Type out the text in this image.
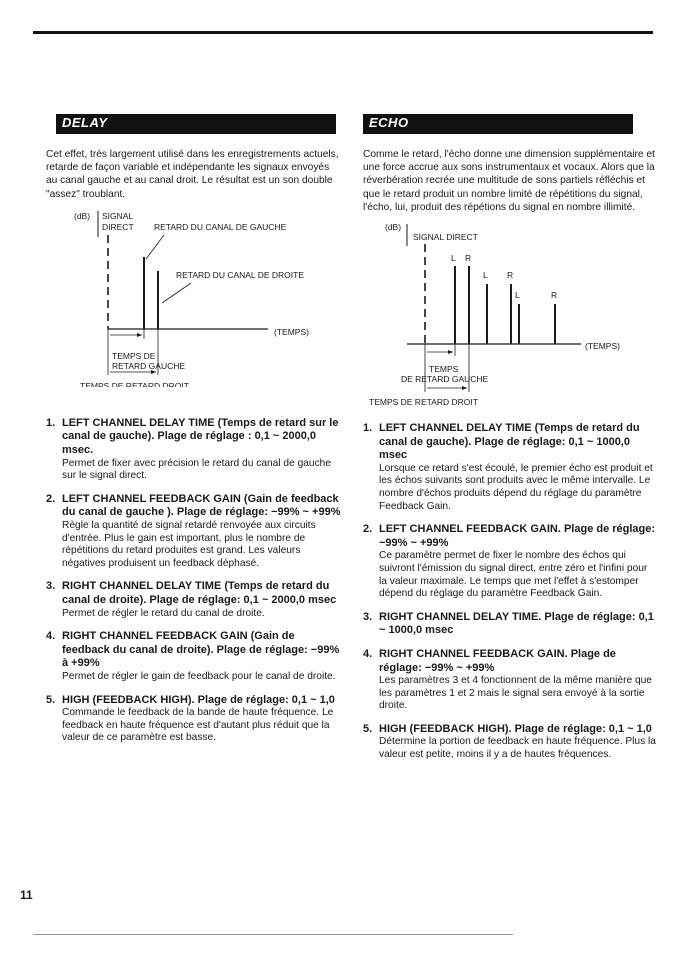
DELAY

Cet effet, très largement utilisé dans les enregistrements actuels, retarde de façon variable et indépendante les signaux envoyés au canal gauche et au canal droit. Le résultat est un son double "assez" troublant.

(dB) SIGNAL
DIRECT RETARD DU CANAL DE GAUCHE
RETARD DU CANAL DE DROITE
(TEMPS)
TEMPS DE
RETARD GAUCHE
TEMPS DE RETARD DROIT
1. LEFT CHANNEL DELAY TIME (Temps de retard sur le canal de gauche). Plage de réglage : 0,1 ~ 2000,0 msec.
Permet de fixer avec précision le retard du canal de gauche sur le signal direct.
2. LEFT CHANNEL FEEDBACK GAIN (Gain de feedback du canal de gauche ). Plage de réglage: −99% ~ +99%
Règle la quantité de signal retardé renvoyée aux circuits d'entrée. Plus le gain est important, plus le nombre de répétitions du retard produites est grand. Les valeurs négatives produisent un feedback déphasé.
3. RIGHT CHANNEL DELAY TIME (Temps de retard du canal de droite). Plage de réglage: 0,1 ~ 2000,0 msec
Permet de régler le retard du canal de droite.
4. RIGHT CHANNEL FEEDBACK GAIN (Gain de feedback du canal de droite). Plage de réglage: −99% à +99%
Permet de régler le gain de feedback pour le canal de droite.
5. HIGH (FEEDBACK HIGH). Plage de réglage: 0,1 ~ 1,0
Commande le feedback de la bande de haute fréquence. Le feedback en haute fréquence est d'autant plus réduit que la valeur de ce paramètre est basse.
ECHO

Comme le retard, l'écho donne une dimension supplémentaire et une force accrue aux sons instrumentaux et vocaux. Alors que la réverbération recrée une multitude de sons partiels réfléchis et que le retard produit un nombre limité de répétitions du signal, l'écho, lui, produit des répétions du signal en nombre illimité.

(dB)
SIGNAL DIRECT
L R
L R
L	R
(TEMPS)
TEMPS
DE RETARD GAUCHE
TEMPS DE RETARD DROIT
1. LEFT CHANNEL DELAY TIME (Temps de retard du canal de gauche). Plage de réglage: 0,1 ~ 1000,0 msec
Lorsque ce retard s'est écoulé, le premier écho est produit et les échos suivants sont produits avec le même intervalle. Le nombre d'échos produits dépend du réglage du paramètre Feedback Gain.
2. LEFT CHANNEL FEEDBACK GAIN. Plage de réglage: −99% ~ +99%
Ce paramètre permet de fixer le nombre des échos qui suivront l'émission du signal direct, entre zéro et l'infini pour la valeur maximale. Le temps que met l'effet à s'estomper dépend du réglage du paramètre Feedback Gain.
3. RIGHT CHANNEL DELAY TIME. Plage de réglage: 0,1 ~ 1000,0 msec
4. RIGHT CHANNEL FEEDBACK GAIN. Plage de réglage: −99% ~ +99%
Les paramètres 3 et 4 fonctionnent de la même manière que les paramètres 1 et 2 mais le signal sera envoyé à la sortie droite.
5. HIGH (FEEDBACK HIGH). Plage de réglage: 0,1 ~ 1,0
Détermine la portion de feedback en haute fréquence. Plus la valeur est petite, moins il y a de hautes fréquences.
11
